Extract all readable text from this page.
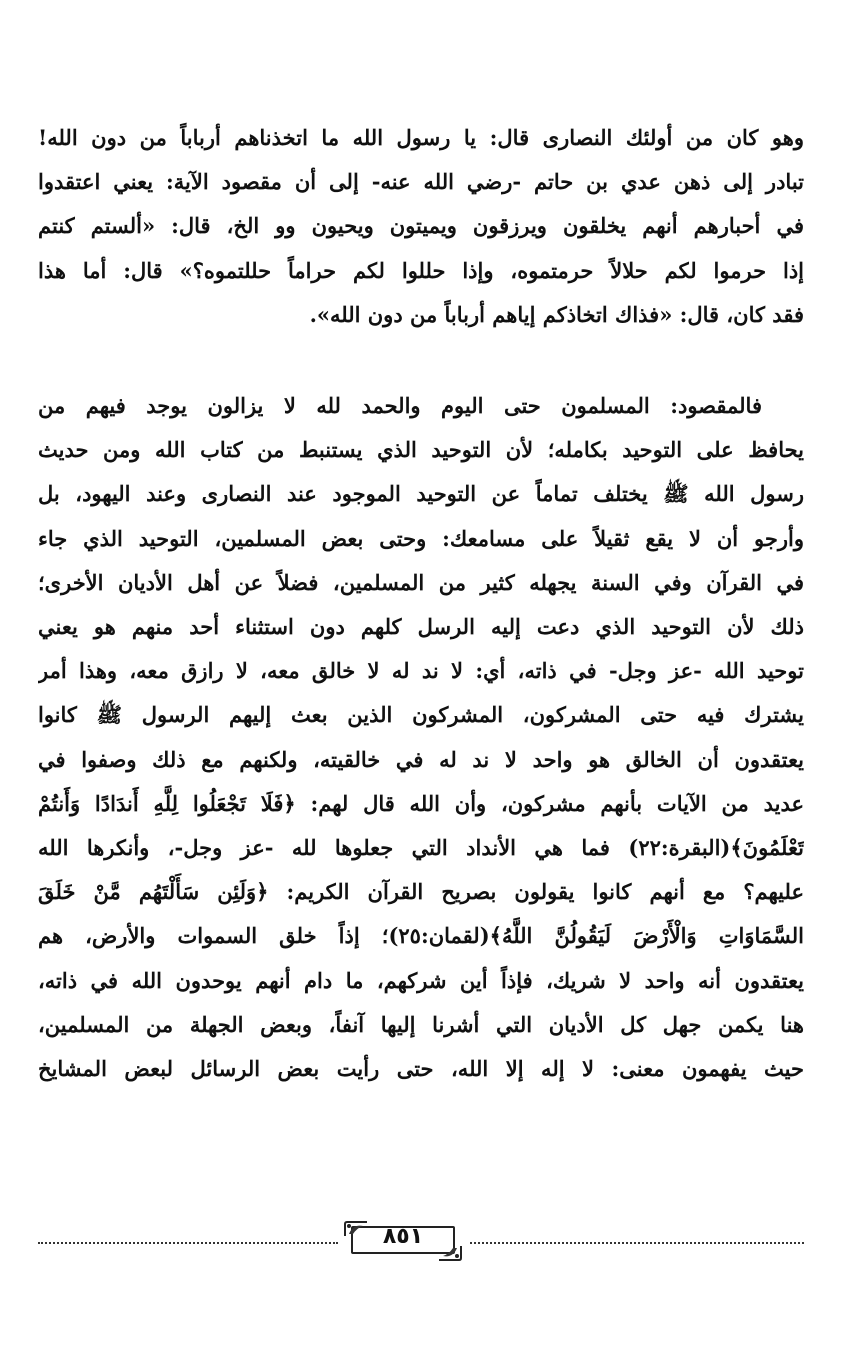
وهو كان من أولئك النصارى قال: يا رسول الله ما اتخذناهم أرباباً من دون الله!
تبادر إلى ذهن عدي بن حاتم -رضي الله عنه- إلى أن مقصود الآية: يعني اعتقدوا
في أحبارهم أنهم يخلقون ويرزقون ويميتون ويحيون وو الخ، قال: «ألستم كنتم
إذا حرموا لكم حلالاً حرمتموه، وإذا حللوا لكم حراماً حللتموه؟» قال: أما هذا
فقد كان، قال: «فذاك اتخاذكم إياهم أرباباً من دون الله».
فالمقصود: المسلمون حتى اليوم والحمد لله لا يزالون يوجد فيهم من
يحافظ على التوحيد بكامله؛ لأن التوحيد الذي يستنبط من كتاب الله ومن حديث
رسول الله ﷺ يختلف تماماً عن التوحيد الموجود عند النصارى وعند اليهود، بل
وأرجو أن لا يقع ثقيلاً على مسامعك: وحتى بعض المسلمين، التوحيد الذي جاء
في القرآن وفي السنة يجهله كثير من المسلمين، فضلاً عن أهل الأديان الأخرى؛
ذلك لأن التوحيد الذي دعت إليه الرسل كلهم دون استثناء أحد منهم هو يعني
توحيد الله -عز وجل- في ذاته، أي: لا ند له لا خالق معه، لا رازق معه، وهذا أمر
يشترك فيه حتى المشركون، المشركون الذين بعث إليهم الرسول ﷺ كانوا
يعتقدون أن الخالق هو واحد لا ند له في خالقيته، ولكنهم مع ذلك وصفوا في
عديد من الآيات بأنهم مشركون، وأن الله قال لهم: ﴿فَلَا تَجْعَلُوا لِلَّهِ أَندَادًا وَأَنتُمْ
تَعْلَمُونَ﴾(البقرة:٢٢) فما هي الأنداد التي جعلوها لله -عز وجل-، وأنكرها الله
عليهم؟ مع أنهم كانوا يقولون بصريح القرآن الكريم: ﴿وَلَئِن سَأَلْتَهُم مَّنْ خَلَقَ
السَّمَاوَاتِ وَالْأَرْضَ لَيَقُولُنَّ اللَّهُ﴾(لقمان:٢٥)؛ إذاً خلق السموات والأرض، هم
يعتقدون أنه واحد لا شريك، فإذاً أين شركهم، ما دام أنهم يوحدون الله في ذاته،
هنا يكمن جهل كل الأديان التي أشرنا إليها آنفاً، وبعض الجهلة من المسلمين،
حيث يفهمون معنى: لا إله إلا الله، حتى رأيت بعض الرسائل لبعض المشايخ
٨٥١
